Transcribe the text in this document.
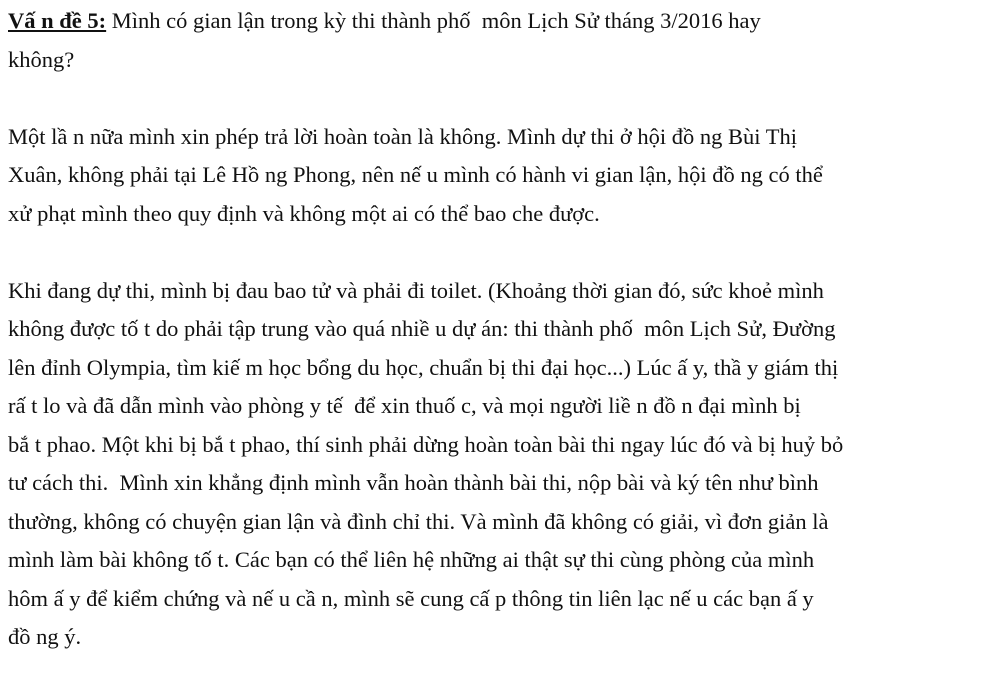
Vấ n đề 5: Mình có gian lận trong kỳ thi thành phố  môn Lịch Sử tháng 3/2016 hay
không?

Một lầ n nữa mình xin phép trả lời hoàn toàn là không. Mình dự thi ở hội đồ ng Bùi Thị
Xuân, không phải tại Lê Hồ ng Phong, nên nế u mình có hành vi gian lận, hội đồ ng có thể
xử phạt mình theo quy định và không một ai có thể bao che được.

Khi đang dự thi, mình bị đau bao tử và phải đi toilet. (Khoảng thời gian đó, sức khoẻ mình
không được tố t do phải tập trung vào quá nhiề u dự án: thi thành phố  môn Lịch Sử, Đường
lên đỉnh Olympia, tìm kiế m học bổng du học, chuẩn bị thi đại học...) Lúc ấ y, thầ y giám thị
rấ t lo và đã dẫn mình vào phòng y tế  để xin thuố c, và mọi người liề n đồ n đại mình bị
bắ t phao. Một khi bị bắ t phao, thí sinh phải dừng hoàn toàn bài thi ngay lúc đó và bị huỷ bỏ
tư cách thi.  Mình xin khẳng định mình vẫn hoàn thành bài thi, nộp bài và ký tên như bình
thường, không có chuyện gian lận và đình chỉ thi. Và mình đã không có giải, vì đơn giản là
mình làm bài không tố t. Các bạn có thể liên hệ những ai thật sự thi cùng phòng của mình
hôm ấ y để kiểm chứng và nế u cầ n, mình sẽ cung cấ p thông tin liên lạc nế u các bạn ấ y
đồ ng ý.
